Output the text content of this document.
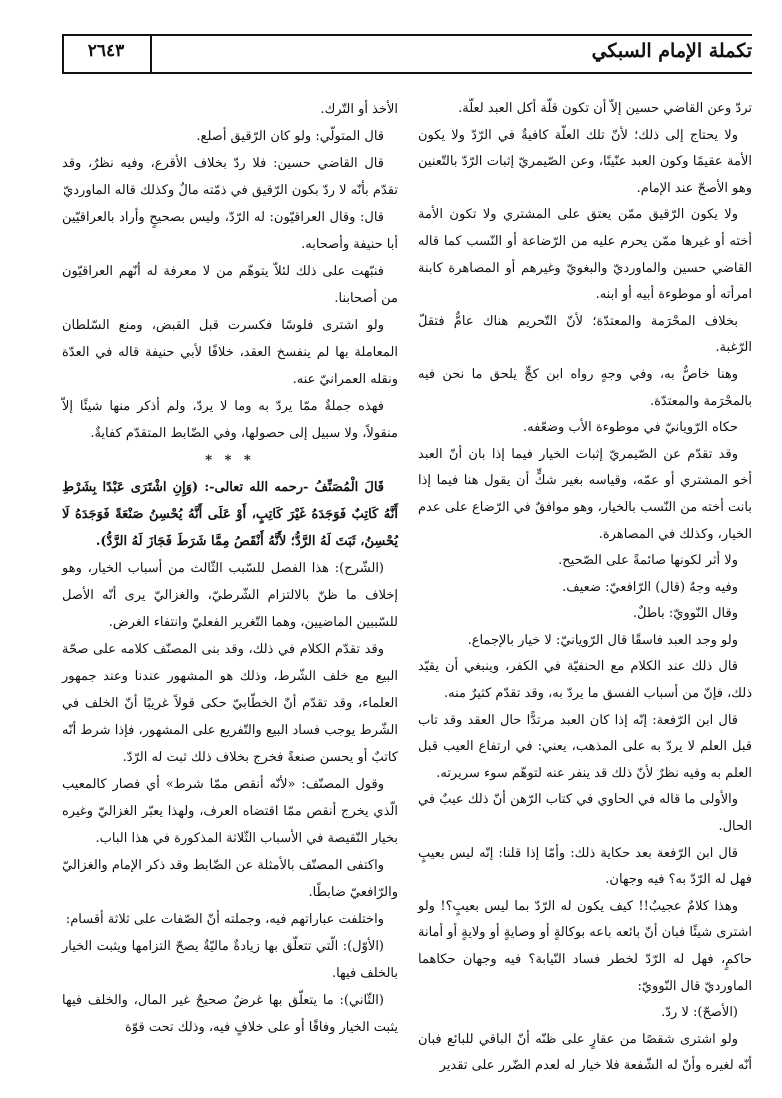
٢٦٤٣	تكملة الإمام السبكي

تردّ وعن القاضي حسين إلاّ أن تكون قلّة أكل العبد لعلّة.

ولا يحتاج إلى ذلك؛ لأنّ تلك العلّة كافيةٌ في الرّدّ ولا يكون الأمة عقيمًا وكون العبد عنّينًا، وعن الصّيمريّ إثبات الرّدّ بالتّعنين وهو الأصحّ عند الإمام.

ولا يكون الرّقيق ممّن يعتق على المشتري ولا تكون الأمة أخته أو غيرها ممّن يحرم عليه من الرّضاعة أو النّسب كما قاله القاضي حسين والماورديّ والبغويّ وغيرهم أو المصاهرة كابنة امرأته أو موطوءة أبيه أو ابنه.

بخلاف المحْرَمة والمعتدّة؛ لأنّ التّحريم هناك عامٌّ فتقلّ الرّغبة.

وهنا خاصٌّ به، وفي وجهٍ رواه ابن كجٍّ يلحق ما نحن فيه بالمحْرَمة والمعتدّة.

حكاه الرّويانيّ في موطوءة الأب وضعّفه.

وقد تقدّم عن الصّيمريّ إثبات الخيار فيما إذا بان أنّ العبد أخو المشتري أو عمّه، وقياسه بغير شكٍّ أن يقول هنا فيما إذا بانت أخته من النّسب بالخيار، وهو موافقٌ في الرّضاع على عدم الخيار، وكذلك في المصاهرة.

ولا أثر لكونها صائمةً على الصّحيح.

وفيه وجهٌ (قال) الرّافعيّ: ضعيف.

وقال النّوويّ: باطلٌ.

ولو وجد العبد فاسقًا قال الرّويانيّ: لا خيار بالإجماع.

قال ذلك عند الكلام مع الحنفيّة في الكفر، وينبغي أن يقيّد ذلك، فإنّ من أسباب الفسق ما يردّ به، وقد تقدّم كثيرٌ منه.

قال ابن الرّفعة: إنّه إذا كان العبد مرتدًّا حال العقد وقد تاب قبل العلم لا يردّ به على المذهب، يعني: في ارتفاع العيب قبل العلم به وفيه نظرٌ لأنّ ذلك قد ينفر عنه لتوهّم سوء سريرته.

والأولى ما قاله في الحاوي في كتاب الرّهن أنّ ذلك عيبٌ في الحال.

قال ابن الرّفعة بعد حكاية ذلك: وأمّا إذا قلنا: إنّه ليس بعيبٍ فهل له الرّدّ به؟ فيه وجهان.

وهذا كلامٌ عجيبٌ!! كيف يكون له الرّدّ بما ليس بعيبٍ؟! ولو اشترى شيئًا فبان أنّ بائعه باعه بوكالةٍ أو وصايةٍ أو ولايةٍ أو أمانة حاكمٍ، فهل له الرّدّ لخطر فساد النّيابة؟ فيه وجهان حكاهما الماورديّ قال النّوويّ:

(الأصحّ): لا ردّ.

ولو اشترى شقصًا من عقارٍ على ظنّه أنّ الباقي للبائع فبان أنّه لغيره وأنّ له الشّفعة فلا خيار له لعدم الضّرر على تقدير

الأخذ أو التّرك.

قال المتولّي: ولو كان الرّقيق أصلع.

قال القاضي حسين: فلا ردّ بخلاف الأقرع، وفيه نظرٌ، وقد تقدّم بأنّه لا ردّ بكون الرّقيق في ذمّته مالٌ وكذلك قاله الماورديّ

قال: وقال العراقيّون: له الرّدّ، وليس بصحيحٍ وأراد بالعراقيّين أبا حنيفة وأصحابه.

فنبّهت على ذلك لئلاّ يتوهّم من لا معرفة له أنّهم العراقيّون من أصحابنا.

ولو اشترى فلوسًا فكسرت قبل القبض، ومنع السّلطان المعاملة بها لم ينفسخ العقد، خلافًا لأبي حنيفة قاله في العدّة ونقله العمرانيّ عنه.

فهذه جملةٌ ممّا يردّ به وما لا يردّ، ولم أذكر منها شيئًا إلاّ منقولاً، ولا سبيل إلى حصولها، وفي الضّابط المتقدّم كفايةٌ.

* * *

قَالَ الْمُصَنِّفُ -رحمه الله تعالى-: (وَإِنِ اشْتَرَى عَبْدًا بِشَرْطِ أَنَّهُ كَاتِبٌ فَوَجَدَهُ غَيْرَ كَاتِبٍ، أَوْ عَلَى أَنَّهُ يُحْسِنُ صَنْعَةً فَوَجَدَهُ لَا يُحْسِنُ، ثَبَتَ لَهُ الرَّدُّ؛ لأَنَّهُ أَنْقَصُ مِمَّا شَرَطَ فَجَازَ لَهُ الرَّدُّ).

(الشّرح): هذا الفصل للسّبب الثّالث من أسباب الخيار، وهو إخلاف ما ظنّ بالالتزام الشّرطيّ، والغزاليّ يرى أنّه الأصل للسّببين الماضيين، وهما التّغرير الفعليّ وانتفاء الغرض.

وقد تقدّم الكلام في ذلك، وقد بنى المصنّف كلامه على صحّة البيع مع خلف الشّرط، وذلك هو المشهور عندنا وعند جمهور العلماء، وقد تقدّم أنّ الخطّابيّ حكى قولاً غريبًا أنّ الخلف في الشّرط يوجب فساد البيع والتّفريع على المشهور، فإذا شرط أنّه كاتبٌ أو يحسن صنعةً فخرج بخلاف ذلك ثبت له الرّدّ.

وقول المصنّف: «لأنّه أنقص ممّا شرط» أي فصار كالمعيب الّذي يخرج أنقص ممّا اقتضاه العرف، ولهذا يعبّر الغزاليّ وغيره بخيار النّقيصة في الأسباب الثّلاثة المذكورة في هذا الباب.

واكتفى المصنّف بالأمثلة عن الضّابط وقد ذكر الإمام والغزاليّ والرّافعيّ ضابطًا.

واختلفت عباراتهم فيه، وجملته أنّ الصّفات على ثلاثة أقسام:

(الأوّل): الّتي تتعلّق بها زيادةٌ ماليّةٌ يصحّ التزامها ويثبت الخيار بالخلف فيها.

(الثّاني): ما يتعلّق بها غرضٌ صحيحٌ غير المال، والخلف فيها يثبت الخيار وفاقًا أو على خلافٍ فيه، وذلك تحت قوّة
